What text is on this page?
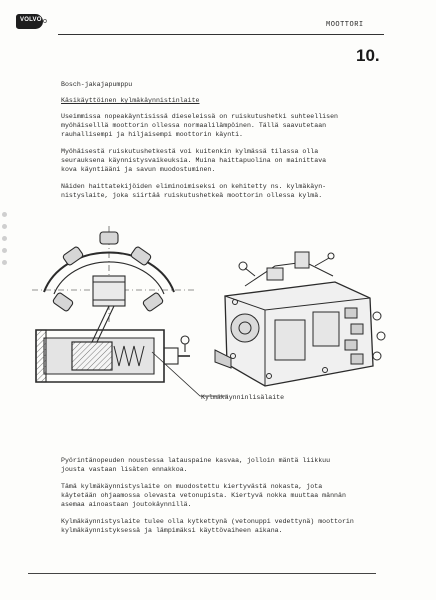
VOLVO o	MOOTTORI
10.
Bosch-jakajapumppu
Käsikäyttöinen kylmäkäynnistinlaite
Useimmissa nopeakäyntisissä dieseleissä on ruiskutushetki suhteellisen
myöhäiselllä moottorin ollessa normaalilämpöinen. Tällä saavutetaan
rauhallisempi ja hiljaisempi moottorin käynti.
Myöhäisestä ruiskutushetkestä voi kuitenkin kylmässä tilassa olla
seurauksena käynnistysvaikeuksia. Muina haittapuolina on mainittava
kova käyntiääni ja savun muodostuminen.
Näiden haittatekijöiden eliminoimiseksi on kehitetty ns. kylmäkäyn-
nistyslaite, joka siirtää ruiskutushetkeä moottorin ollessa kylmä.
Kylmäkäynninlisälaite
Pyörintänopeuden noustessa latauspaine kasvaa, jolloin mäntä liikkuu
jousta vastaan lisäten ennakkoa.
Tämä kylmäkäynnistyslaite on muodostettu kiertyvästä nokasta, jota
käytetään ohjaamossa olevasta vetonupista. Kiertyvä nokka muuttaa männän
asemaa ainoastaan joutokäynnillä.
Kylmäkäynnistyslaite tulee olla kytkettynä (vetonuppi vedettynä) moottorin
kylmäkäynnistyksessä ja lämpimäksi käyttövaiheen aikana.
